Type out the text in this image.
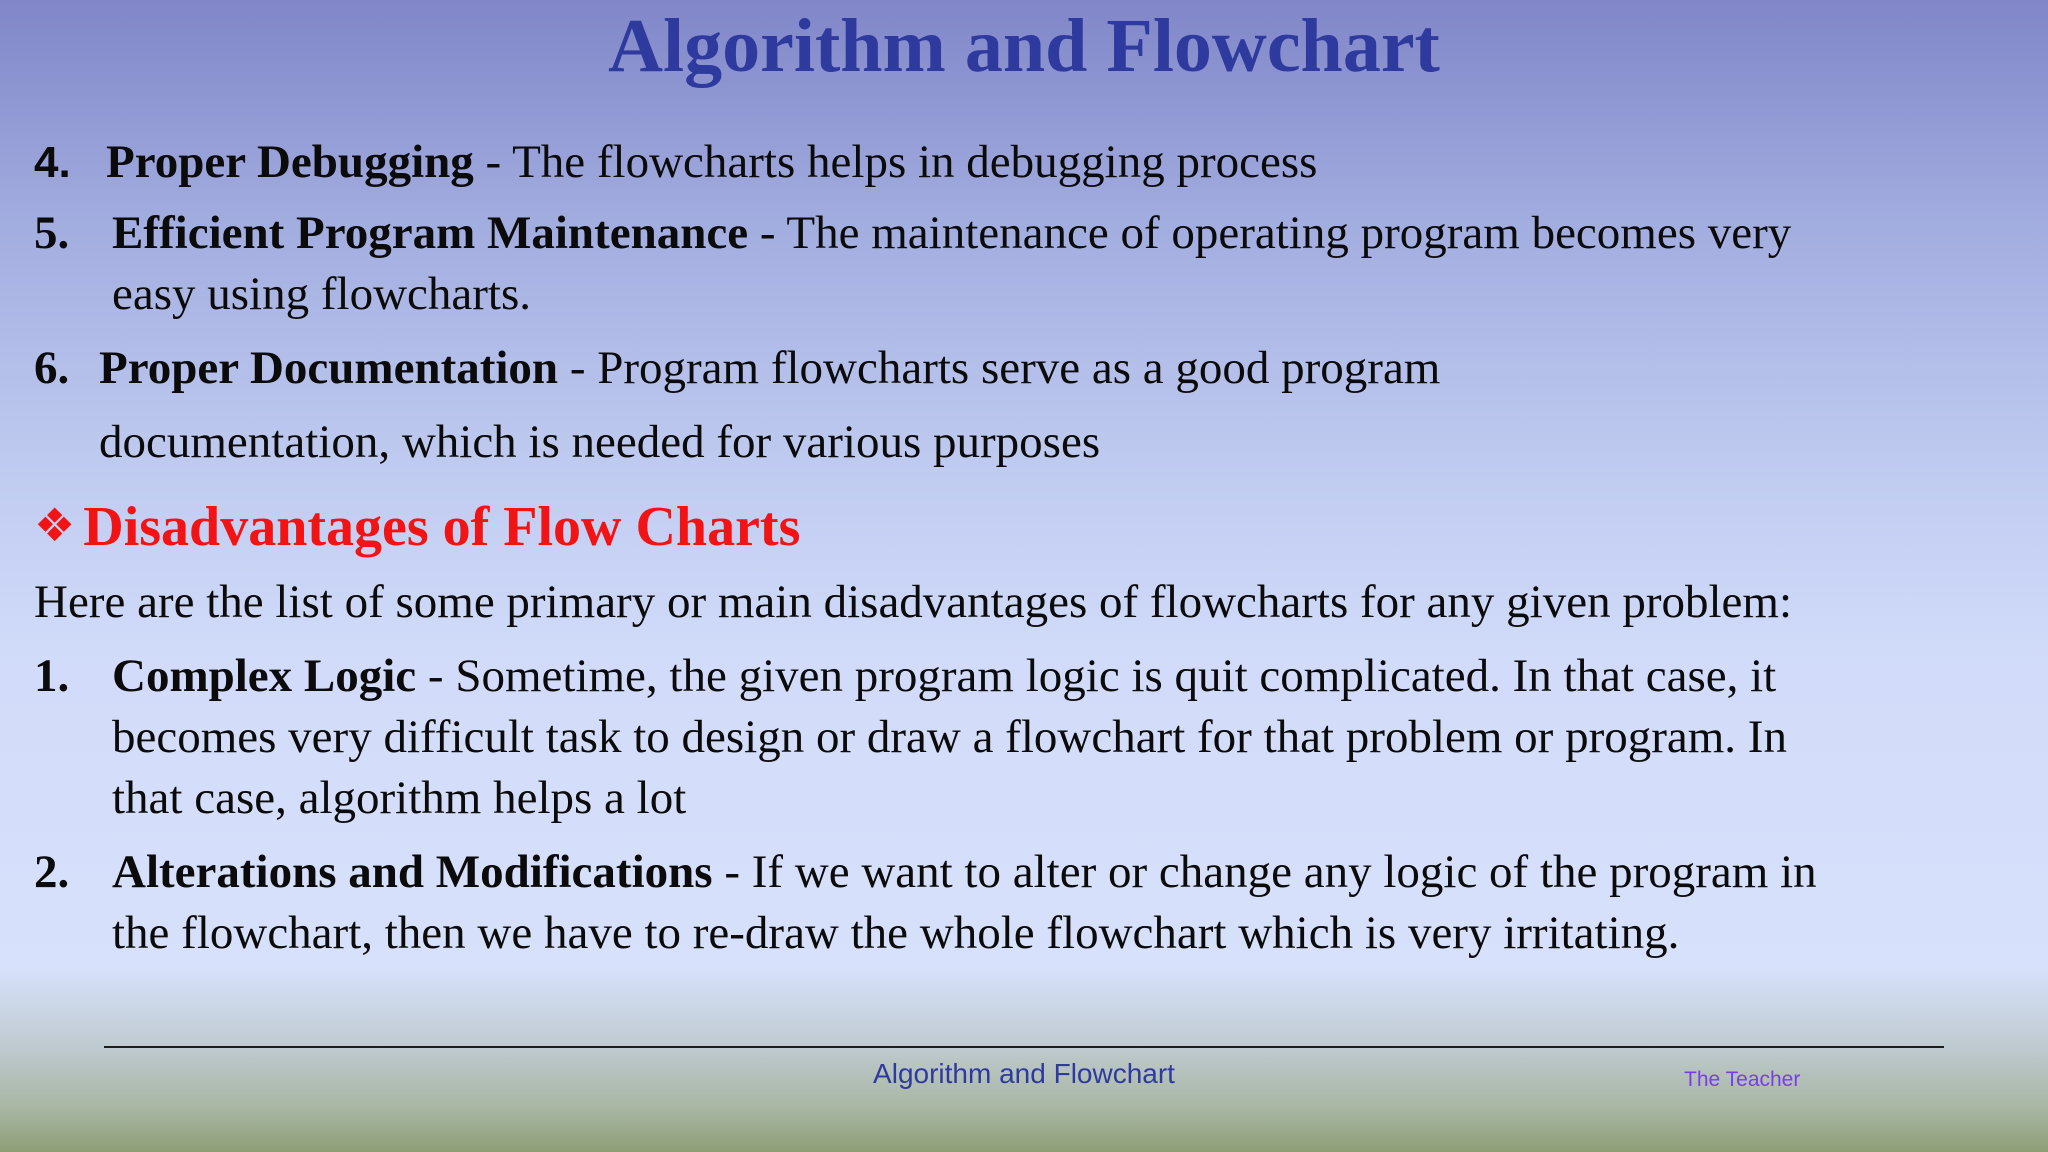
Algorithm and Flowchart
4. Proper Debugging - The flowcharts helps in debugging process
5. Efficient Program Maintenance - The maintenance of operating program becomes very
easy using flowcharts.
6. Proper Documentation - Program flowcharts serve as a good program
documentation, which is needed for various purposes
❖ Disadvantages of Flow Charts
Here are the list of some primary or main disadvantages of flowcharts for any given problem:
1. Complex Logic - Sometime, the given program logic is quit complicated. In that case, it
becomes very difficult task to design or draw a flowchart for that problem or program. In
that case, algorithm helps a lot
2. Alterations and Modifications - If we want to alter or change any logic of the program in
the flowchart, then we have to re-draw the whole flowchart which is very irritating.
Algorithm and Flowchart	The Teacher
